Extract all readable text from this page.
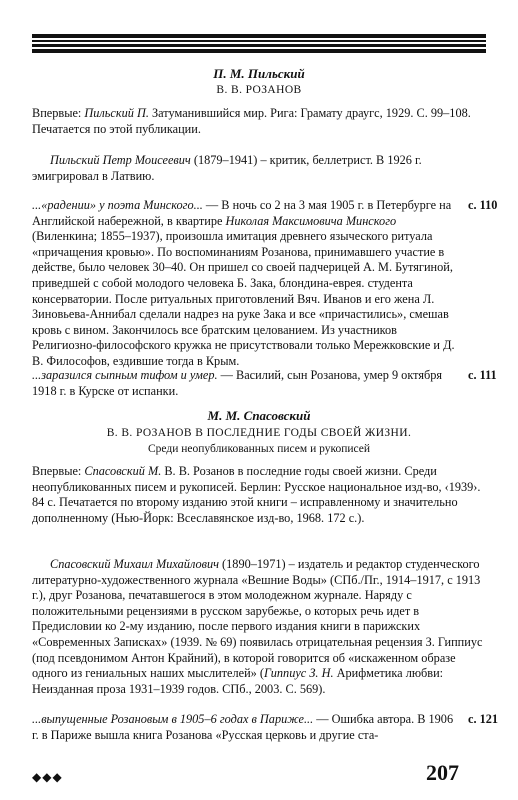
П. М. Пильский
В. В. РОЗАНОВ

Впервые: Пильский П. Затуманившийся мир. Рига: Грамату драугс, 1929. С. 99–108. Печатается по этой публикации.

Пильский Петр Моисеевич (1879–1941) – критик, беллетрист. В 1926 г. эмигрировал в Латвию.

...«радении» у поэта Минского... — В ночь со 2 на 3 мая 1905 г. в Петербурге на Английской набережной, в квартире Николая Максимовича Минского (Виленкина; 1855–1937), произошла имитация древнего языческого ритуала «причащения кровью». По воспоминаниям Розанова, принимавшего участие в действе, было человек 30–40. Он пришел со своей падчерицей А. М. Бутягиной, приведшей с собой молодого человека Б. Зака, блондина-еврея. студента консерватории. После ритуальных приготовлений Вяч. Иванов и его жена Л. Зиновьева-Аннибал сделали надрез на руке Зака и все «причастились», смешав кровь с вином. Закончилось все братским целованием. Из участников Религиозно-философского кружка не присутствовали только Мережковские и Д. В. Философов, ездившие тогда в Крым.

с. 110

...заразился сыпным тифом и умер. — Василий, сын Розанова, умер 9 октября 1918 г. в Курске от испанки.

с. 111
М. М. Спасовский
В. В. РОЗАНОВ В ПОСЛЕДНИЕ ГОДЫ СВОЕЙ ЖИЗНИ.
Среди неопубликованных писем и рукописей

Впервые: Спасовский М. В. В. Розанов в последние годы своей жизни. Среди неопубликованных писем и рукописей. Берлин: Русское национальное изд-во, ‹1939›. 84 с. Печатается по второму изданию этой книги – исправленному и значительно дополненному (Нью-Йорк: Всеславянское изд-во, 1968. 172 с.).

Спасовский Михаил Михайлович (1890–1971) – издатель и редактор студенческого литературно-художественного журнала «Вешние Воды» (СПб./Пг., 1914–1917, с 1913 г.), друг Розанова, печатавшегося в этом молодежном журнале. Наряду с положительными рецензиями в русском зарубежье, о которых речь идет в Предисловии ко 2-му изданию, после первого издания книги в парижских «Современных Записках» (1939. № 69) появилась отрицательная рецензия З. Гиппиус (под псевдонимом Антон Крайний), в которой говорится об «искаженном образе одного из гениальных наших мыслителей» (Гиппиус З. Н. Арифметика любви: Неизданная проза 1931–1939 годов. СПб., 2003. С. 569).

...выпущенные Розановым в 1905–6 годах в Париже... — Ошибка автора. В 1906 г. в Париже вышла книга Розанова «Русская церковь и другие ста-

с. 121
◆◆◆	207
